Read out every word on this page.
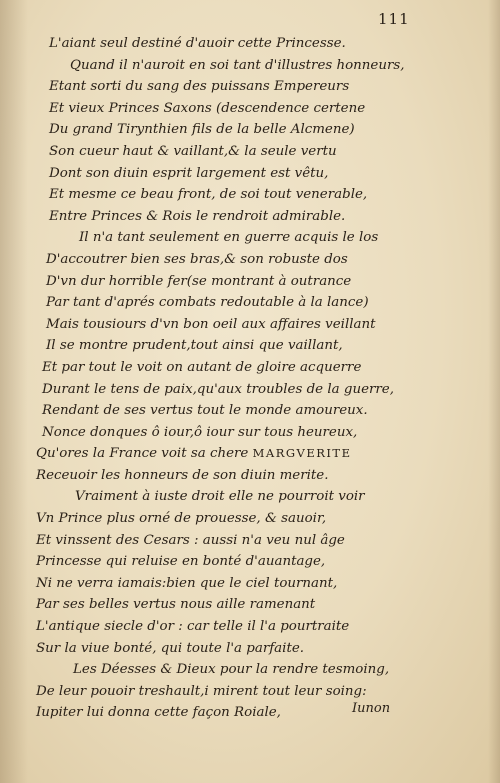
111
L'aiant seul destiné d'auoir cette Princesse.
Quand il n'auroit en soi tant d'illustres honneurs,
Etant sorti du sang des puissans Empereurs
Et vieux Princes Saxons (descendence certene
Du grand Tirynthien fils de la belle Alcmene)
Son cueur haut & vaillant,& la seule vertu
Dont son diuin esprit largement est vêtu,
Et mesme ce beau front, de soi tout venerable,
Entre Princes & Rois le rendroit admirable.
Il n'a tant seulement en guerre acquis le los
D'accoutrer bien ses bras,& son robuste dos
D'vn dur horrible fer(se montrant à outrance
Par tant d'aprés combats redoutable à la lance)
Mais tousiours d'vn bon oeil aux affaires veillant
Il se montre prudent,tout ainsi que vaillant,
Et par tout le voit on autant de gloire acquerre
Durant le tens de paix,qu'aux troubles de la guerre,
Rendant de ses vertus tout le monde amoureux.
Nonce donques ô iour,ô iour sur tous heureux,
Qu'ores la France voit sa chere MARGVERITE
Receuoir les honneurs de son diuin merite.
Vraiment à iuste droit elle ne pourroit voir
Vn Prince plus orné de prouesse, & sauoir,
Et vinssent des Cesars : aussi n'a veu nul âge
Princesse qui reluise en bonté d'auantage,
Ni ne verra iamais:bien que le ciel tournant,
Par ses belles vertus nous aille ramenant
L'antique siecle d'or : car telle il l'a pourtraite
Sur la viue bonté, qui toute l'a parfaite.
Les Déesses & Dieux pour la rendre tesmoing,
De leur pouoir treshault,i mirent tout leur soing:
Iupiter lui donna cette façon Roiale,	Iunon
